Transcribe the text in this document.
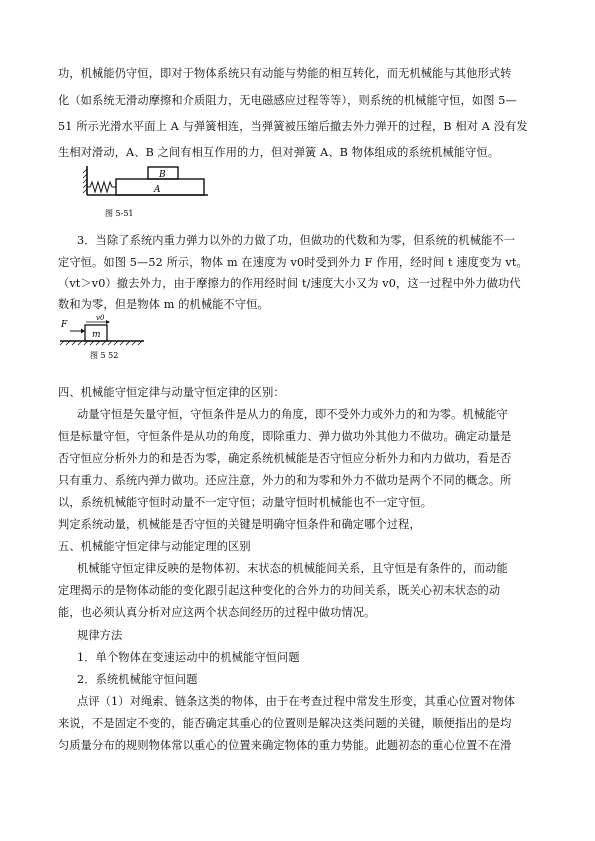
功，机械能仍守恒，即对于物体系统只有动能与势能的相互转化，而无机械能与其他形式转
化（如系统无滑动摩擦和介质阻力，无电磁感应过程等等），则系统的机械能守恒，如图 5—
51 所示光滑水平面上 A 与弹簧相连，当弹簧被压缩后撤去外力弹开的过程，B 相对 A 没有发
生相对滑动，A、B 之间有相互作用的力，但对弹簧 A、B 物体组成的系统机械能守恒。
B
A
图 5-51
3．当除了系统内重力弹力以外的力做了功，但做功的代数和为零，但系统的机械能不一
定守恒。如图 5—52 所示，物体 m 在速度为 v0时受到外力 F 作用，经时间 t 速度变为 vt。
（vt＞v0）撤去外力，由于摩擦力的作用经时间 t/速度大小又为 v0，这一过程中外力做功代
数和为零，但是物体 m 的机械能不守恒。
F
v0
m
图 5 52
四、机械能守恒定律与动量守恒定律的区别：
动量守恒是矢量守恒，守恒条件是从力的角度，即不受外力或外力的和为零。机械能守
恒是标量守恒，守恒条件是从功的角度，即除重力、弹力做功外其他力不做功。确定动量是
否守恒应分析外力的和是否为零，确定系统机械能是否守恒应分析外力和内力做功，看是否
只有重力、系统内弹力做功。还应注意，外力的和为零和外力不做功是两个不同的概念。所
以，系统机械能守恒时动量不一定守恒；动量守恒时机械能也不一定守恒。
判定系统动量，机械能是否守恒的关键是明确守恒条件和确定哪个过程，
五、机械能守恒定律与动能定理的区别
机械能守恒定律反映的是物体初、末状态的机械能间关系，且守恒是有条件的，而动能
定理揭示的是物体动能的变化跟引起这种变化的合外力的功间关系，既关心初末状态的动
能，也必须认真分析对应这两个状态间经历的过程中做功情况。
规律方法
1．单个物体在变速运动中的机械能守恒问题
2．系统机械能守恒问题
点评（1）对绳索、链条这类的物体，由于在考查过程中常发生形变，其重心位置对物体
来说，不是固定不变的，能否确定其重心的位置则是解决这类问题的关键，顺便指出的是均
匀质量分布的规则物体常以重心的位置来确定物体的重力势能。此题初态的重心位置不在滑
